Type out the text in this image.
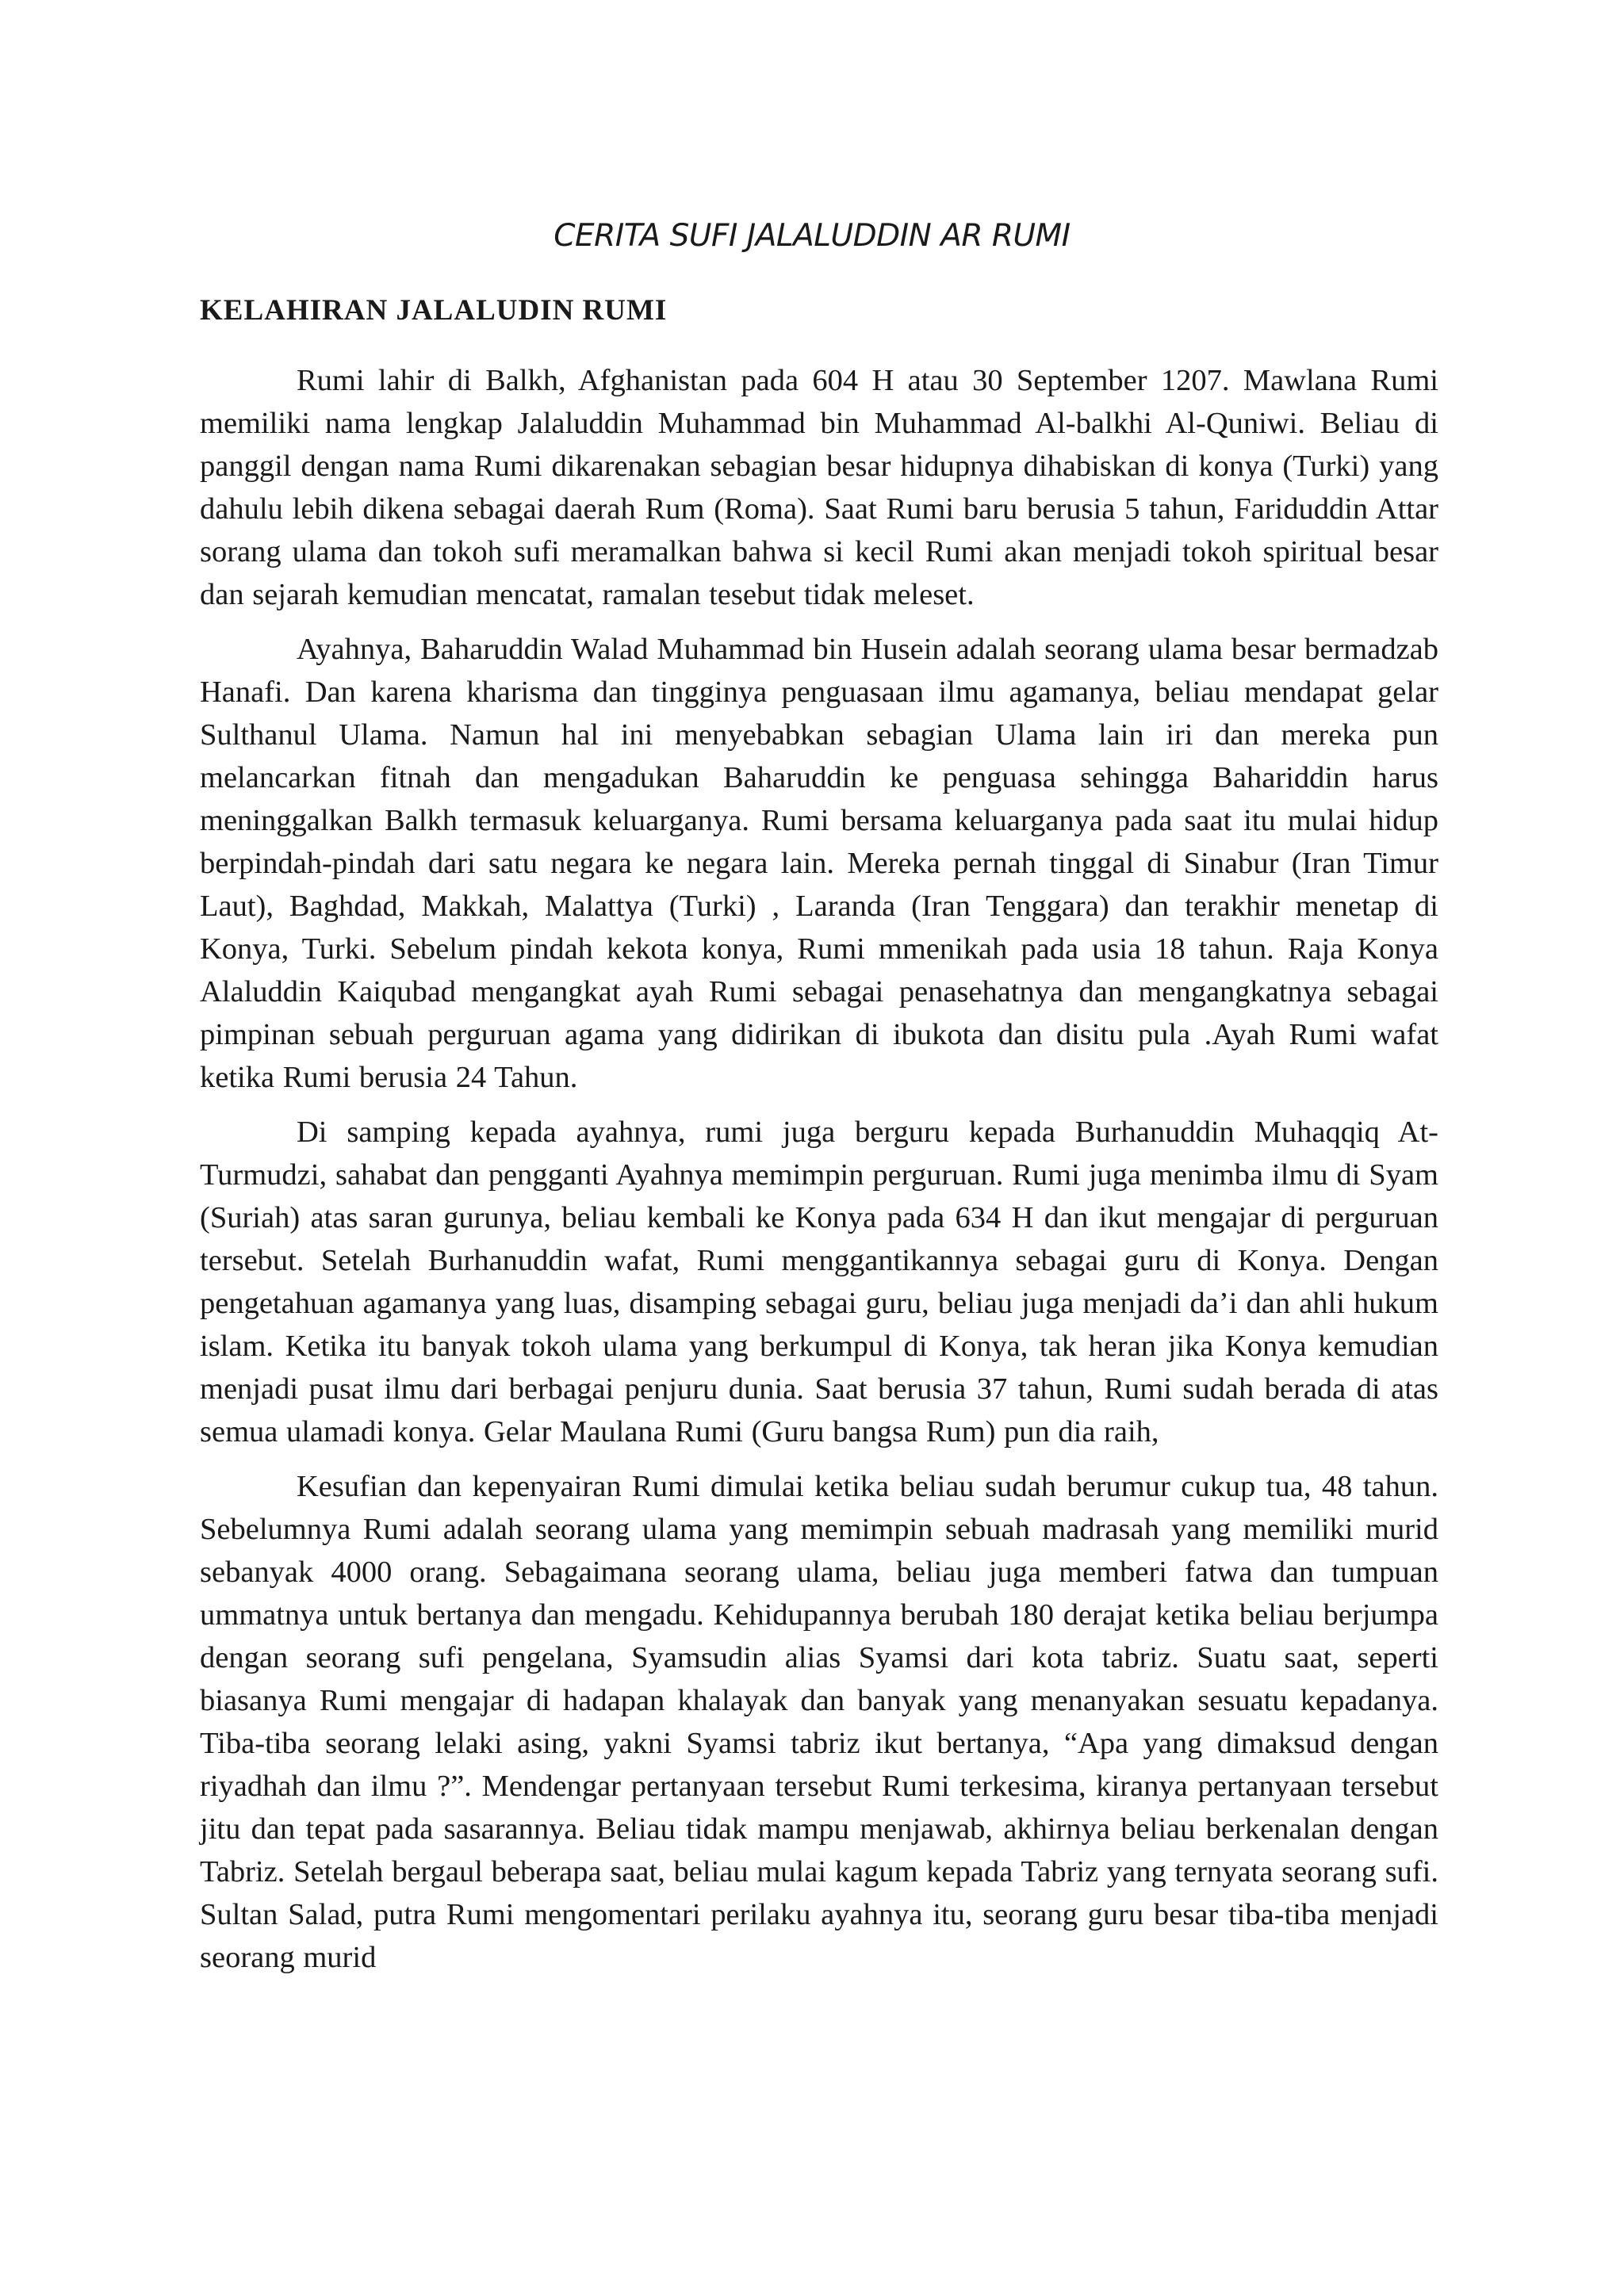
CERITA SUFI JALALUDDIN AR RUMI
KELAHIRAN JALALUDIN RUMI

Rumi lahir di Balkh, Afghanistan pada 604 H atau 30 September 1207. Mawlana Rumi memiliki nama lengkap Jalaluddin Muhammad bin Muhammad Al-balkhi Al-Quniwi. Beliau di panggil dengan nama Rumi dikarenakan sebagian besar hidupnya dihabiskan di konya (Turki) yang dahulu lebih dikena sebagai daerah Rum (Roma). Saat Rumi baru berusia 5 tahun, Fariduddin Attar sorang ulama dan tokoh sufi meramalkan bahwa si kecil Rumi akan menjadi tokoh spiritual besar dan sejarah kemudian mencatat, ramalan tesebut tidak meleset.

Ayahnya, Baharuddin Walad Muhammad bin Husein adalah seorang ulama besar bermadzab Hanafi. Dan karena kharisma dan tingginya penguasaan ilmu agamanya, beliau mendapat gelar Sulthanul Ulama. Namun hal ini menyebabkan sebagian Ulama lain iri dan mereka pun melancarkan fitnah dan mengadukan Baharuddin ke penguasa sehingga Bahariddin harus meninggalkan Balkh termasuk keluarganya. Rumi bersama keluarganya pada saat itu mulai hidup berpindah-pindah dari satu negara ke negara lain. Mereka pernah tinggal di Sinabur (Iran Timur Laut), Baghdad, Makkah, Malattya (Turki) , Laranda (Iran Tenggara) dan terakhir menetap di Konya, Turki. Sebelum pindah kekota konya, Rumi mmenikah pada usia 18 tahun. Raja Konya Alaluddin Kaiqubad mengangkat ayah Rumi sebagai penasehatnya dan mengangkatnya sebagai pimpinan sebuah perguruan agama yang didirikan di ibukota dan disitu pula .Ayah Rumi wafat ketika Rumi berusia 24 Tahun.

Di samping kepada ayahnya, rumi juga berguru kepada Burhanuddin Muhaqqiq At-Turmudzi, sahabat dan pengganti Ayahnya memimpin perguruan. Rumi juga menimba ilmu di Syam (Suriah) atas saran gurunya, beliau kembali ke Konya pada 634 H dan ikut mengajar di perguruan tersebut. Setelah Burhanuddin wafat, Rumi menggantikannya sebagai guru di Konya. Dengan pengetahuan agamanya yang luas, disamping sebagai guru, beliau juga menjadi da’i dan ahli hukum islam. Ketika itu banyak tokoh ulama yang berkumpul di Konya, tak heran jika Konya kemudian menjadi pusat ilmu dari berbagai penjuru dunia. Saat berusia 37 tahun, Rumi sudah berada di atas semua ulamadi konya. Gelar Maulana Rumi (Guru bangsa Rum) pun dia raih,

Kesufian dan kepenyairan Rumi dimulai ketika beliau sudah berumur cukup tua, 48 tahun. Sebelumnya Rumi adalah seorang ulama yang memimpin sebuah madrasah yang memiliki murid sebanyak 4000 orang. Sebagaimana seorang ulama, beliau juga memberi fatwa dan tumpuan ummatnya untuk bertanya dan mengadu. Kehidupannya berubah 180 derajat ketika beliau berjumpa dengan seorang sufi pengelana, Syamsudin alias Syamsi dari kota tabriz. Suatu saat, seperti biasanya Rumi mengajar di hadapan khalayak dan banyak yang menanyakan sesuatu kepadanya. Tiba-tiba seorang lelaki asing, yakni Syamsi tabriz ikut bertanya, “Apa yang dimaksud dengan riyadhah dan ilmu ?”. Mendengar pertanyaan tersebut Rumi terkesima, kiranya pertanyaan tersebut jitu dan tepat pada sasarannya. Beliau tidak mampu menjawab, akhirnya beliau berkenalan dengan Tabriz. Setelah bergaul beberapa saat, beliau mulai kagum kepada Tabriz yang ternyata seorang sufi. Sultan Salad, putra Rumi mengomentari perilaku ayahnya itu, seorang guru besar tiba-tiba menjadi seorang murid
